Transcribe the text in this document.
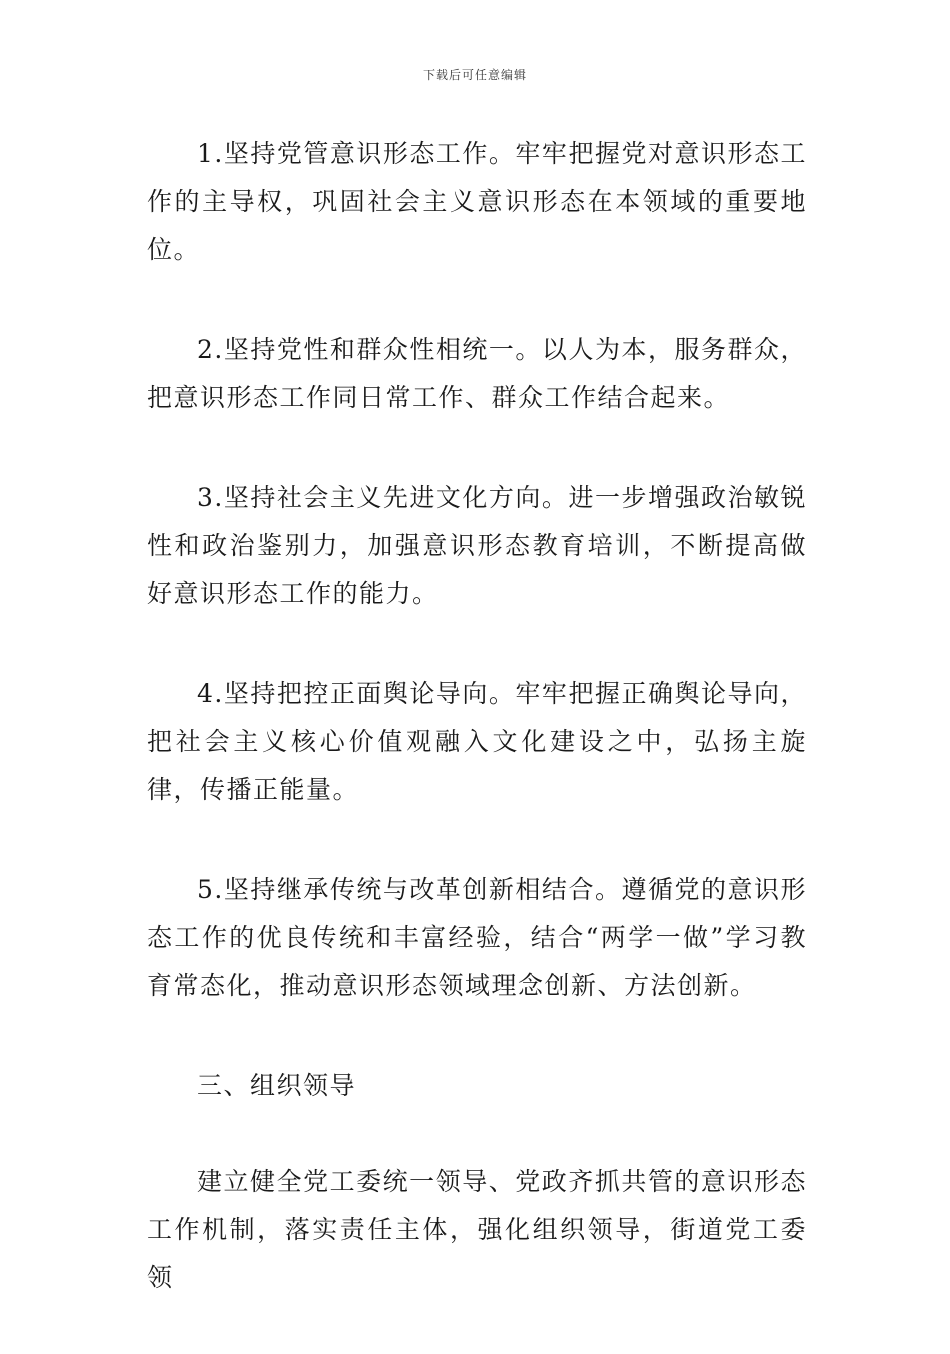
下载后可任意编辑

1.坚持党管意识形态工作。牢牢把握党对意识形态工作的主导权，巩固社会主义意识形态在本领域的重要地位。

2.坚持党性和群众性相统一。以人为本，服务群众，把意识形态工作同日常工作、群众工作结合起来。

3.坚持社会主义先进文化方向。进一步增强政治敏锐性和政治鉴别力，加强意识形态教育培训，不断提高做好意识形态工作的能力。

4.坚持把控正面舆论导向。牢牢把握正确舆论导向，把社会主义核心价值观融入文化建设之中，弘扬主旋律，传播正能量。

5.坚持继承传统与改革创新相结合。遵循党的意识形态工作的优良传统和丰富经验，结合“两学一做”学习教育常态化，推动意识形态领域理念创新、方法创新。

三、组织领导

建立健全党工委统一领导、党政齐抓共管的意识形态工作机制，落实责任主体，强化组织领导，街道党工委领
